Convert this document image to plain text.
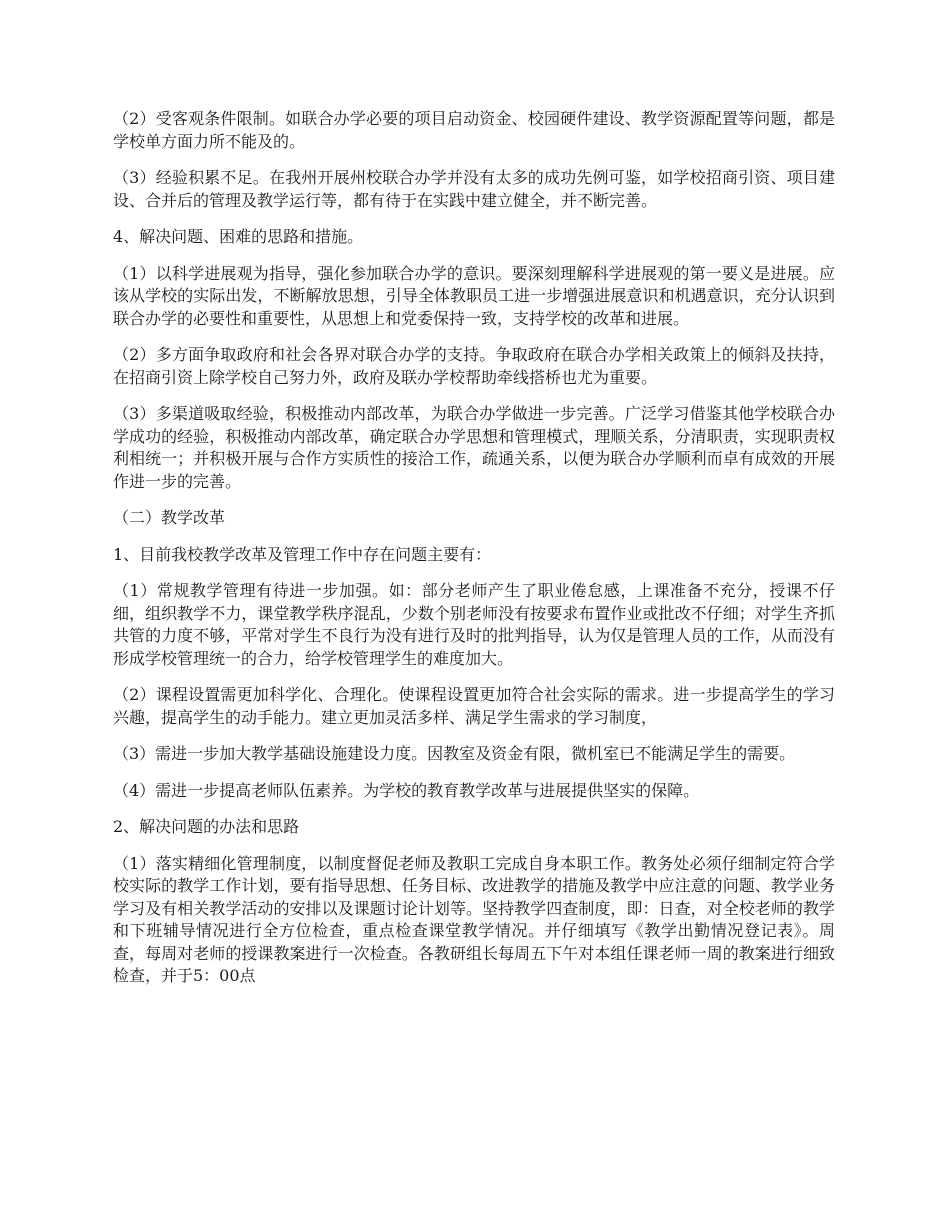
（2）受客观条件限制。如联合办学必要的项目启动资金、校园硬件建设、教学资源配置等问题，都是学校单方面力所不能及的。

（3）经验积累不足。在我州开展州校联合办学并没有太多的成功先例可鉴，如学校招商引资、项目建设、合并后的管理及教学运行等，都有待于在实践中建立健全，并不断完善。

4、解决问题、困难的思路和措施。

（1）以科学进展观为指导，强化参加联合办学的意识。要深刻理解科学进展观的第一要义是进展。应该从学校的实际出发，不断解放思想，引导全体教职员工进一步增强进展意识和机遇意识，充分认识到联合办学的必要性和重要性，从思想上和党委保持一致，支持学校的改革和进展。

（2）多方面争取政府和社会各界对联合办学的支持。争取政府在联合办学相关政策上的倾斜及扶持，在招商引资上除学校自己努力外，政府及联办学校帮助牵线搭桥也尤为重要。

（3）多渠道吸取经验，积极推动内部改革，为联合办学做进一步完善。广泛学习借鉴其他学校联合办学成功的经验，积极推动内部改革，确定联合办学思想和管理模式，理顺关系，分清职责，实现职责权利相统一；并积极开展与合作方实质性的接洽工作，疏通关系，以便为联合办学顺利而卓有成效的开展作进一步的完善。

（二）教学改革

1、目前我校教学改革及管理工作中存在问题主要有：

（1）常规教学管理有待进一步加强。如：部分老师产生了职业倦怠感，上课准备不充分，授课不仔细，组织教学不力，课堂教学秩序混乱，少数个别老师没有按要求布置作业或批改不仔细；对学生齐抓共管的力度不够，平常对学生不良行为没有进行及时的批判指导，认为仅是管理人员的工作，从而没有形成学校管理统一的合力，给学校管理学生的难度加大。

（2）课程设置需更加科学化、合理化。使课程设置更加符合社会实际的需求。进一步提高学生的学习兴趣，提高学生的动手能力。建立更加灵活多样、满足学生需求的学习制度，

（3）需进一步加大教学基础设施建设力度。因教室及资金有限，微机室已不能满足学生的需要。

（4）需进一步提高老师队伍素养。为学校的教育教学改革与进展提供坚实的保障。

2、解决问题的办法和思路

（1）落实精细化管理制度，以制度督促老师及教职工完成自身本职工作。教务处必须仔细制定符合学校实际的教学工作计划，要有指导思想、任务目标、改进教学的措施及教学中应注意的问题、教学业务学习及有相关教学活动的安排以及课题讨论计划等。坚持教学四查制度，即：日查，对全校老师的教学和下班辅导情况进行全方位检查，重点检查课堂教学情况。并仔细填写《教学出勤情况登记表》。周查，每周对老师的授课教案进行一次检查。各教研组长每周五下午对本组任课老师一周的教案进行细致检查，并于5：00点
